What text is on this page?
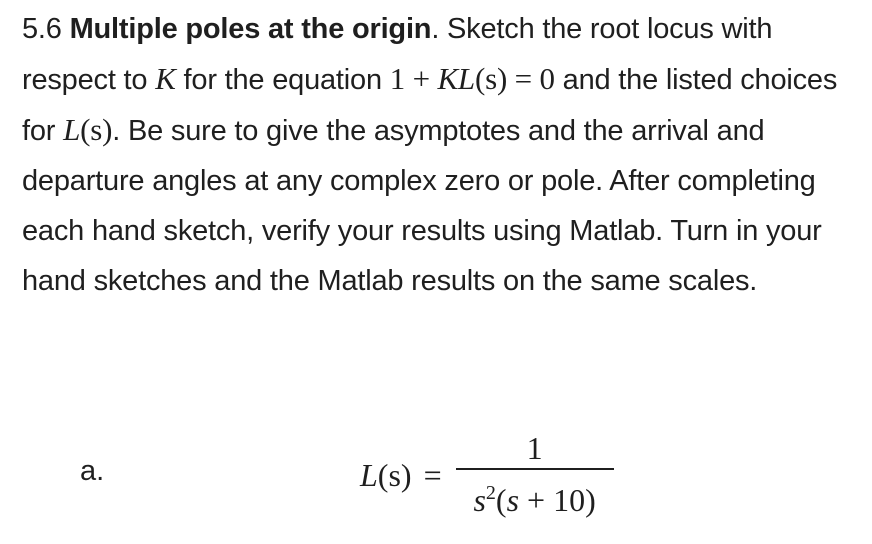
5.6 Multiple poles at the origin. Sketch the root locus with respect to K for the equation 1 + KL(s) = 0 and the listed choices for L(s). Be sure to give the asymptotes and the arrival and departure angles at any complex zero or pole. After completing each hand sketch, verify your results using Matlab. Turn in your hand sketches and the Matlab results on the same scales.
a.	$L(s) = \frac{1}{s^2(s + 10)}$
